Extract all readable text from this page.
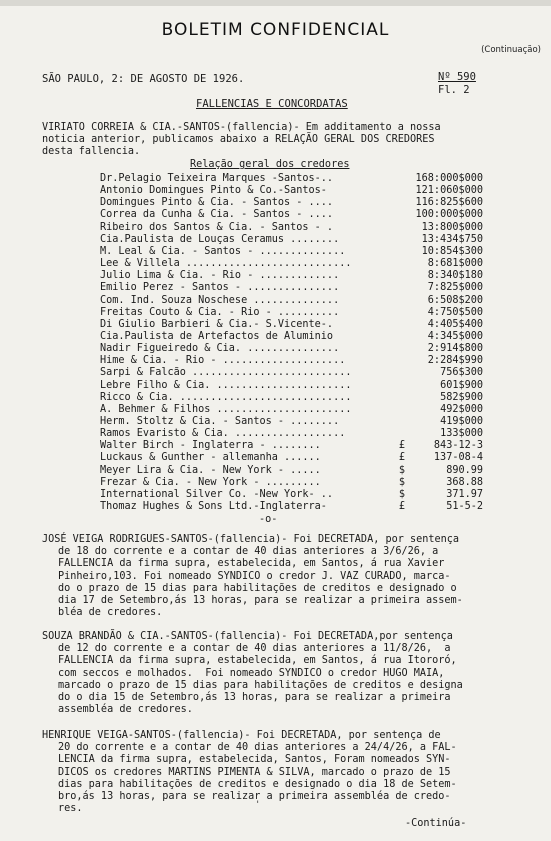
BOLETIM CONFIDENCIAL
(Continuação)
SÃO PAULO, 2: DE AGOSTO DE 1926.	Nº 590
Fl. 2
FALLENCIAS E CONCORDATAS
VIRIATO CORREIA & CIA.-SANTOS-(fallencia)- Em additamento a nossa
noticia anterior, publicamos abaixo a RELAÇÃO GERAL DOS CREDORES
desta fallencia.
Relação geral dos credores
Dr.Pelagio Teixeira Marques -Santos-..	168:000$000
Antonio Domingues Pinto & Co.-Santos-	121:060$000
Domingues Pinto & Cia. - Santos - ....	116:825$600
Correa da Cunha & Cia. - Santos - ....	100:000$000
Ribeiro dos Santos & Cia. - Santos - .	13:800$000
Cia.Paulista de Louças Ceramus ........	13:434$750
M. Leal & Cia. - Santos - ..............	10:854$300
Lee & Villela ...........................	8:681$000
Julio Lima & Cia. - Rio - .............	8:340$180
Emilio Perez - Santos - ...............	7:825$000
Com. Ind. Souza Noschese ..............	6:508$200
Freitas Couto & Cia. - Rio - ..........	4:750$500
Di Giulio Barbieri & Cia.- S.Vicente-.	4:405$400
Cia.Paulista de Artefactos de Aluminio	4:345$000
Nadir Figueiredo & Cia. ...............	2:914$800
Hime & Cia. - Rio - ....................	2:284$990
Sarpi & Falcão ..........................	756$300
Lebre Filho & Cia. ......................	601$900
Ricco & Cia. ............................	582$900
A. Behmer & Filhos ......................	492$000
Herm. Stoltz & Cia. - Santos - ........	419$000
Ramos Evaristo & Cia. ..................	133$000
Walter Birch - Inglaterra - ........	£	843-12-3
Luckaus & Gunther - allemanha ......	£	137-08-4
Meyer Lira & Cia. - New York - .....	$	890.99
Frezar & Cia. - New York - .........	$	368.88
International Silver Co. -New York- ..	$	371.97
Thomaz Hughes & Sons Ltd.-Inglaterra-	£	51-5-2
-o-
JOSÉ VEIGA RODRIGUES-SANTOS-(fallencia)- Foi DECRETADA, por sentença
de 18 do corrente e a contar de 40 dias anteriores a 3/6/26, a
FALLENCIA da firma supra, estabelecida, em Santos, á rua Xavier
Pinheiro,103. Foi nomeado SYNDICO o credor J. VAZ CURADO, marca-
do o prazo de 15 dias para habilitações de creditos e designado o
dia 17 de Setembro,ás 13 horas, para se realizar a primeira assem-
bléa de credores.
SOUZA BRANDÃO & CIA.-SANTOS-(fallencia)- Foi DECRETADA,por sentença
de 12 do corrente e a contar de 40 dias anteriores a 11/8/26,  a
FALLENCIA da firma supra, estabelecida, em Santos, á rua Itororó,
com seccos e molhados.  Foi nomeado SYNDICO o credor HUGO MAIA,
marcado o prazo de 15 dias para habilitações de creditos e designa
do o dia 15 de Setembro,ás 13 horas, para se realizar a primeira
assembléa de credores.
HENRIQUE VEIGA-SANTOS-(fallencia)- Foi DECRETADA, por sentença de
20 do corrente e a contar de 40 dias anteriores a 24/4/26, a FAL-
LENCIA da firma supra, estabelecida, Santos, Foram nomeados SYN-
DICOS os credores MARTINS PIMENTA & SILVA, marcado o prazo de 15
dias para habilitações de creditos e designado o dia 18 de Setem-
bro,ás 13 horas, para se realizar a primeira assembléa de credo-
res.
-Continúa-
'
